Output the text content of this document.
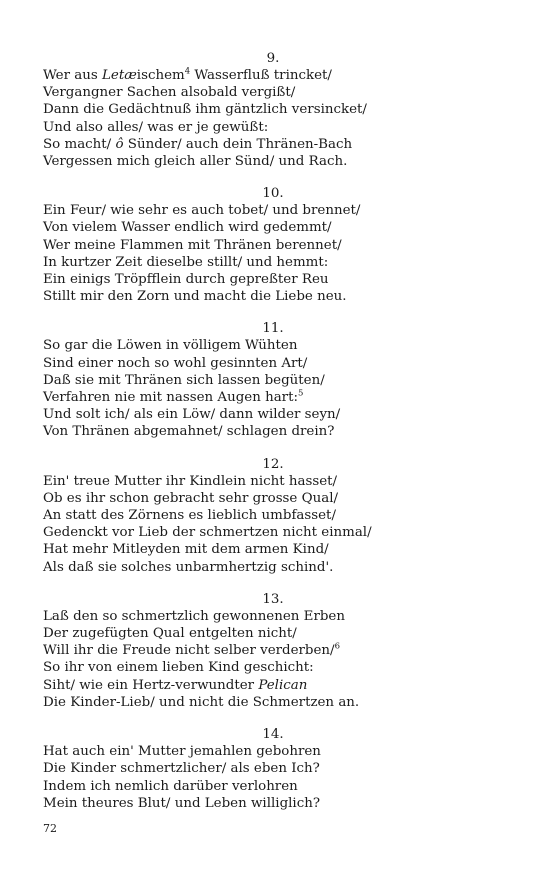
9.
Wer aus Letæischem$^4$ Wasserfluß trincket/
Vergangner Sachen alsobald vergißt/
Dann die Gedächtnuß ihm gäntzlich versincket/
Und also alles/ was er je gewüßt:
So macht/ ô Sünder/ auch dein Thränen-Bach
Vergessen mich gleich aller Sünd/ und Rach.
10.
Ein Feur/ wie sehr es auch tobet/ und brennet/
Von vielem Wasser endlich wird gedemmt/
Wer meine Flammen mit Thränen berennet/
In kurtzer Zeit dieselbe stillt/ und hemmt:
Ein einigs Tröpfflein durch gepreßter Reu
Stillt mir den Zorn und macht die Liebe neu.
11.
So gar die Löwen in völligem Wühten
Sind einer noch so wohl gesinnten Art/
Daß sie mit Thränen sich lassen begüten/
Verfahren nie mit nassen Augen hart:$^5$
Und solt ich/ als ein Löw/ dann wilder seyn/
Von Thränen abgemahnet/ schlagen drein?
12.
Ein' treue Mutter ihr Kindlein nicht hasset/
Ob es ihr schon gebracht sehr grosse Qual/
An statt des Zörnens es lieblich umbfasset/
Gedenckt vor Lieb der schmertzen nicht einmal/
Hat mehr Mitleyden mit dem armen Kind/
Als daß sie solches unbarmhertzig schind'.
13.
Laß den so schmertzlich gewonnenen Erben
Der zugefügten Qual entgelten nicht/
Will ihr die Freude nicht selber verderben/$^6$
So ihr von einem lieben Kind geschicht:
Siht/ wie ein Hertz-verwundter Pelican
Die Kinder-Lieb/ und nicht die Schmertzen an.
14.
Hat auch ein' Mutter jemahlen gebohren
Die Kinder schmertzlicher/ als eben Ich?
Indem ich nemlich darüber verlohren
Mein theures Blut/ und Leben williglich?
72
